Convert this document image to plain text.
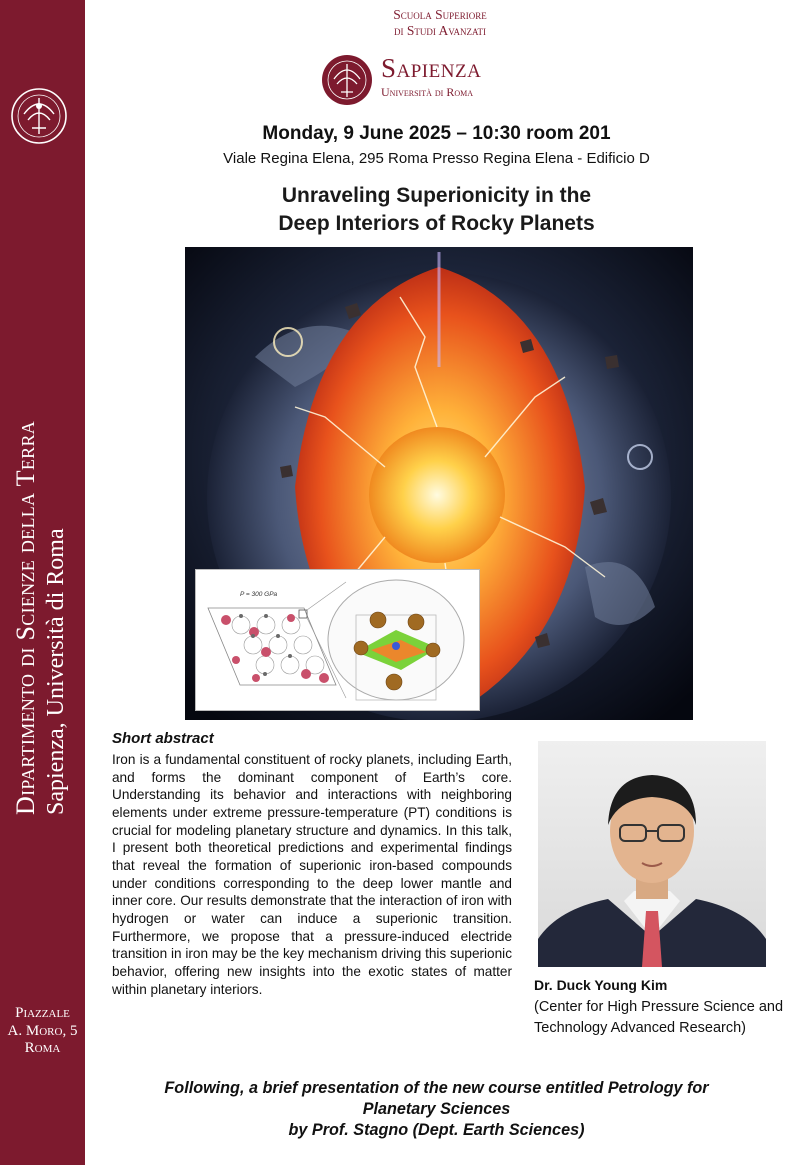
Dipartimento di Scienze della Terra Sapienza, Università di Roma
Piazzale
A. Moro, 5
Roma
Scuola Superiore
di Studi Avanzati
Sapienza
Università di Roma
Monday, 9 June 2025 – 10:30 room 201
Viale Regina Elena, 295 Roma Presso Regina Elena - Edificio D
Unraveling Superionicity in the
Deep Interiors of Rocky Planets
P = 300 GPa
Short abstract
Iron is a fundamental constituent of rocky planets, including Earth, and forms the dominant component of Earth’s core. Understanding its behavior and interactions with neighboring elements under extreme pressure-temperature (PT) conditions is crucial for modeling planetary structure and dynamics. In this talk, I present both theoretical predictions and experimental findings that reveal the formation of superionic iron-based compounds under conditions corresponding to the deep lower mantle and inner core. Our results demonstrate that the interaction of iron with hydrogen or water can induce a superionic transition. Furthermore, we propose that a pressure-induced electride transition in iron may be the key mechanism driving this superionic behavior, offering new insights into the exotic states of matter within planetary interiors.	Dr. Duck Young Kim
(Center for High Pressure Science and Technology Advanced Research)
Following, a brief presentation of the new course entitled Petrology for
Planetary Sciences
by Prof. Stagno (Dept. Earth Sciences)
